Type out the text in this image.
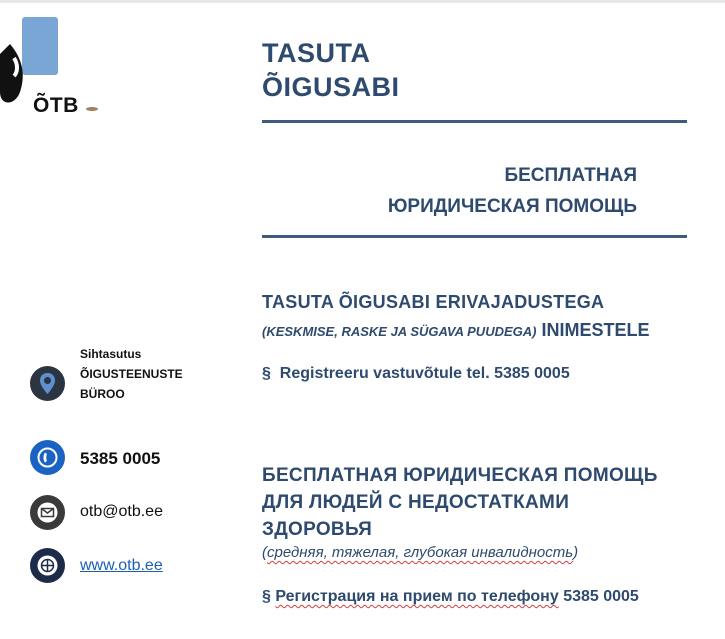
ÕTB
TASUTA
ÕIGUSABI
БЕСПЛАТНАЯ
ЮРИДИЧЕСКАЯ ПОМОЩЬ
TASUTA ÕIGUSABI ERIVAJADUSTEGA
(KESKMISE, RASKE JA SÜGAVA PUUDEGA) INIMESTELE
§ Registreeru vastuvõtule tel. 5385 0005
БЕСПЛАТНАЯ ЮРИДИЧЕСКАЯ ПОМОЩЬ
ДЛЯ ЛЮДЕЙ С НЕДОСТАТКАМИ
ЗДОРОВЬЯ
(средняя, тяжелая, глубокая инвалидность)
§ Регистрация на прием по телефону 5385 0005
Sihtasutus
ÕIGUSTEENUSTE
BÜROO
5385 0005
otb@otb.ee
www.otb.ee
